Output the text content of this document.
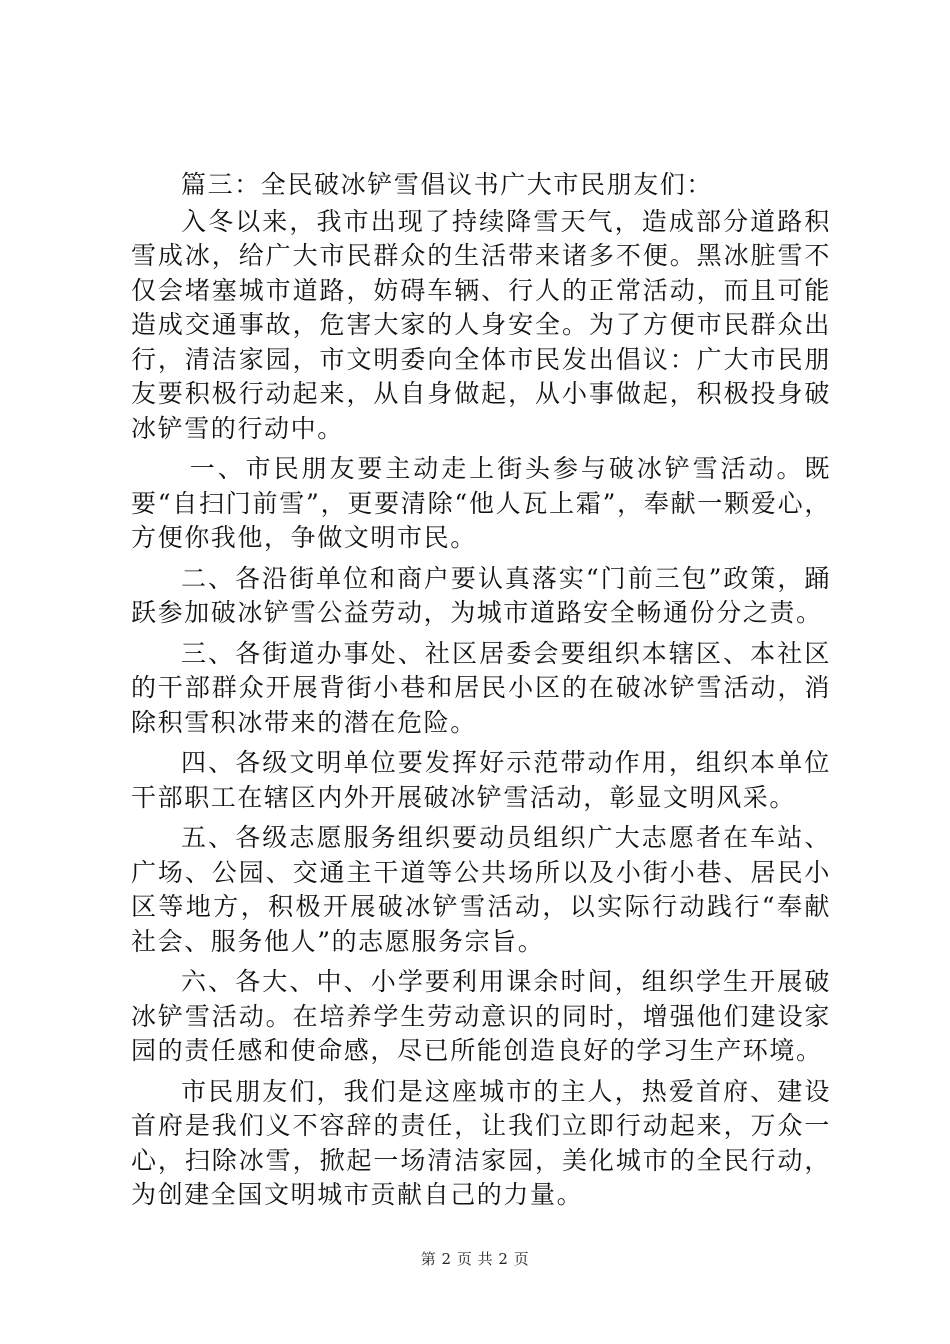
篇三：全民破冰铲雪倡议书广大市民朋友们：

入冬以来，我市出现了持续降雪天气，造成部分道路积雪成冰，给广大市民群众的生活带来诸多不便。黑冰脏雪不仅会堵塞城市道路，妨碍车辆、行人的正常活动，而且可能造成交通事故，危害大家的人身安全。为了方便市民群众出行，清洁家园，市文明委向全体市民发出倡议：广大市民朋友要积极行动起来，从自身做起，从小事做起，积极投身破冰铲雪的行动中。

一、市民朋友要主动走上街头参与破冰铲雪活动。既要“自扫门前雪”，更要清除“他人瓦上霜”，奉献一颗爱心，方便你我他，争做文明市民。

二、各沿街单位和商户要认真落实“门前三包”政策，踊跃参加破冰铲雪公益劳动，为城市道路安全畅通份分之责。

三、各街道办事处、社区居委会要组织本辖区、本社区的干部群众开展背街小巷和居民小区的在破冰铲雪活动，消除积雪积冰带来的潜在危险。

四、各级文明单位要发挥好示范带动作用，组织本单位干部职工在辖区内外开展破冰铲雪活动，彰显文明风采。

五、各级志愿服务组织要动员组织广大志愿者在车站、广场、公园、交通主干道等公共场所以及小街小巷、居民小区等地方，积极开展破冰铲雪活动，以实际行动践行“奉献社会、服务他人”的志愿服务宗旨。

六、各大、中、小学要利用课余时间，组织学生开展破冰铲雪活动。在培养学生劳动意识的同时，增强他们建设家园的责任感和使命感，尽已所能创造良好的学习生产环境。

市民朋友们，我们是这座城市的主人，热爱首府、建设首府是我们义不容辞的责任，让我们立即行动起来，万众一心，扫除冰雪，掀起一场清洁家园，美化城市的全民行动，为创建全国文明城市贡献自己的力量。

第 2 页 共 2 页
